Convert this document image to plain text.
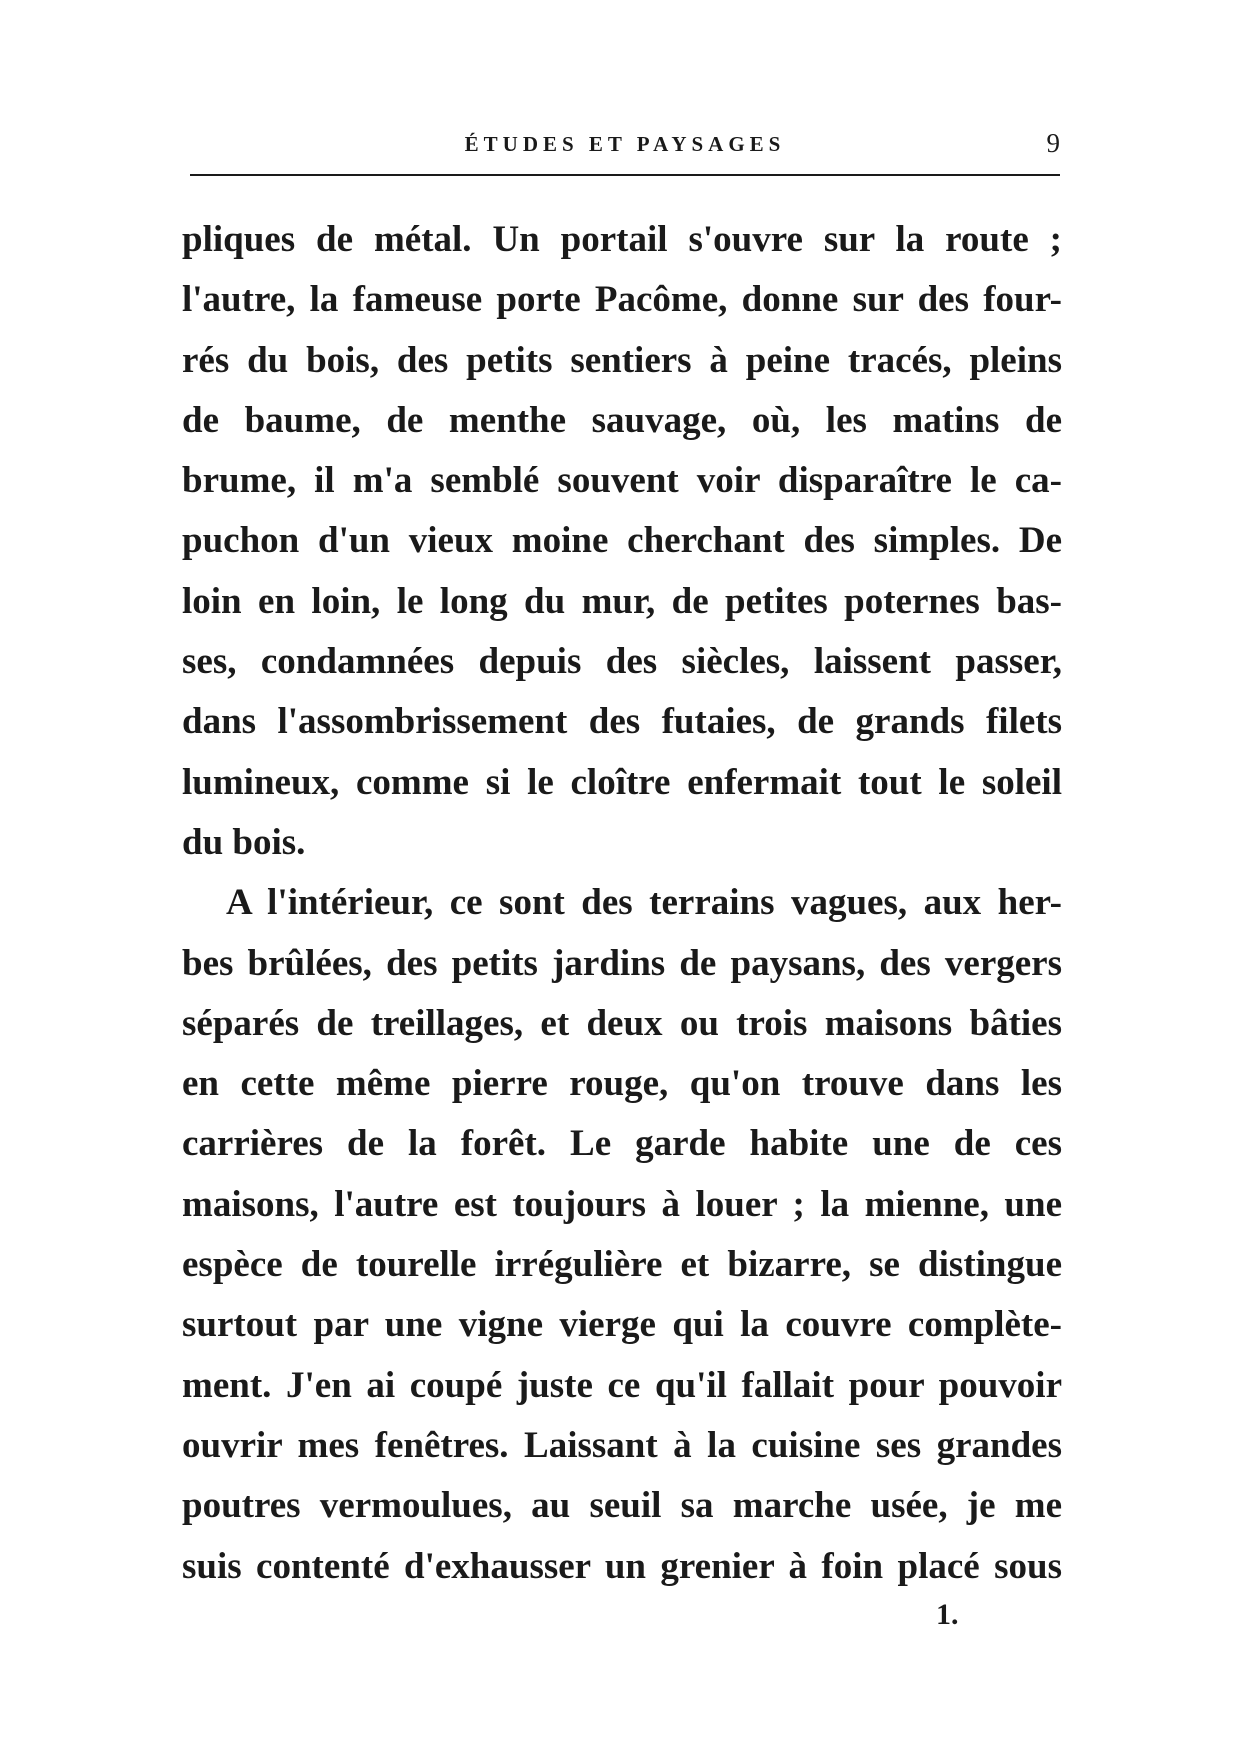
ÉTUDES ET PAYSAGES	9
pliques de métal. Un portail s'ouvre sur la route ;
l'autre, la fameuse porte Pacôme, donne sur des four-
rés du bois, des petits sentiers à peine tracés, pleins
de baume, de menthe sauvage, où, les matins de
brume, il m'a semblé souvent voir disparaître le ca-
puchon d'un vieux moine cherchant des simples. De
loin en loin, le long du mur, de petites poternes bas-
ses, condamnées depuis des siècles, laissent passer,
dans l'assombrissement des futaies, de grands filets
lumineux, comme si le cloître enfermait tout le soleil
du bois.
A l'intérieur, ce sont des terrains vagues, aux her-
bes brûlées, des petits jardins de paysans, des vergers
séparés de treillages, et deux ou trois maisons bâties
en cette même pierre rouge, qu'on trouve dans les
carrières de la forêt. Le garde habite une de ces
maisons, l'autre est toujours à louer ; la mienne, une
espèce de tourelle irrégulière et bizarre, se distingue
surtout par une vigne vierge qui la couvre complète-
ment. J'en ai coupé juste ce qu'il fallait pour pouvoir
ouvrir mes fenêtres. Laissant à la cuisine ses grandes
poutres vermoulues, au seuil sa marche usée, je me
suis contenté d'exhausser un grenier à foin placé sous
1.
